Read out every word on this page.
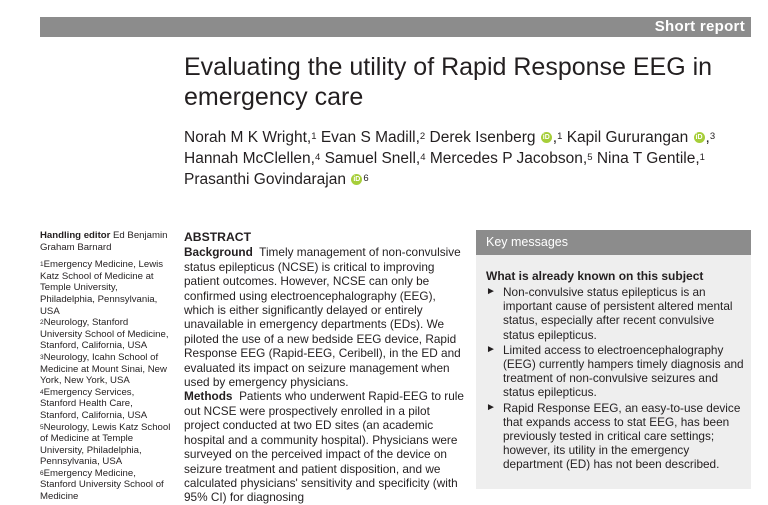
Short report
Evaluating the utility of Rapid Response EEG in emergency care
Norah M K Wright,$^1$ Evan S Madill,$^2$ Derek Isenberg iD ,$^1$ Kapil Gururangan iD ,$^3$
Hannah McClellen,$^4$ Samuel Snell,$^4$ Mercedes P Jacobson,$^5$ Nina T Gentile,$^1$
Prasanthi Govindarajan iD $^6$
Handling editor Ed Benjamin Graham Barnard

$^1$Emergency Medicine, Lewis Katz School of Medicine at Temple University, Philadelphia, Pennsylvania, USA

$^2$Neurology, Stanford University School of Medicine, Stanford, California, USA

$^3$Neurology, Icahn School of Medicine at Mount Sinai, New York, New York, USA

$^4$Emergency Services, Stanford Health Care, Stanford, California, USA

$^5$Neurology, Lewis Katz School of Medicine at Temple University, Philadelphia, Pennsylvania, USA

$^6$Emergency Medicine, Stanford University School of Medicine

ABSTRACT

Background Timely management of non-convulsive status epilepticus (NCSE) is critical to improving patient outcomes. However, NCSE can only be confirmed using electroencephalography (EEG), which is either significantly delayed or entirely unavailable in emergency departments (EDs). We piloted the use of a new bedside EEG device, Rapid Response EEG (Rapid-EEG, Ceribell), in the ED and evaluated its impact on seizure management when used by emergency physicians.

Methods Patients who underwent Rapid-EEG to rule out NCSE were prospectively enrolled in a pilot project conducted at two ED sites (an academic hospital and a community hospital). Physicians were surveyed on the perceived impact of the device on seizure treatment and patient disposition, and we calculated physicians' sensitivity and specificity (with 95% CI) for diagnosing

Key messages
What is already known on this subject
► Non-convulsive status epilepticus is an important cause of persistent altered mental status, especially after recent convulsive status epilepticus.
► Limited access to electroencephalography (EEG) currently hampers timely diagnosis and treatment of non-convulsive seizures and status epilepticus.
► Rapid Response EEG, an easy-to-use device that expands access to stat EEG, has been previously tested in critical care settings; however, its utility in the emergency department (ED) has not been described.
